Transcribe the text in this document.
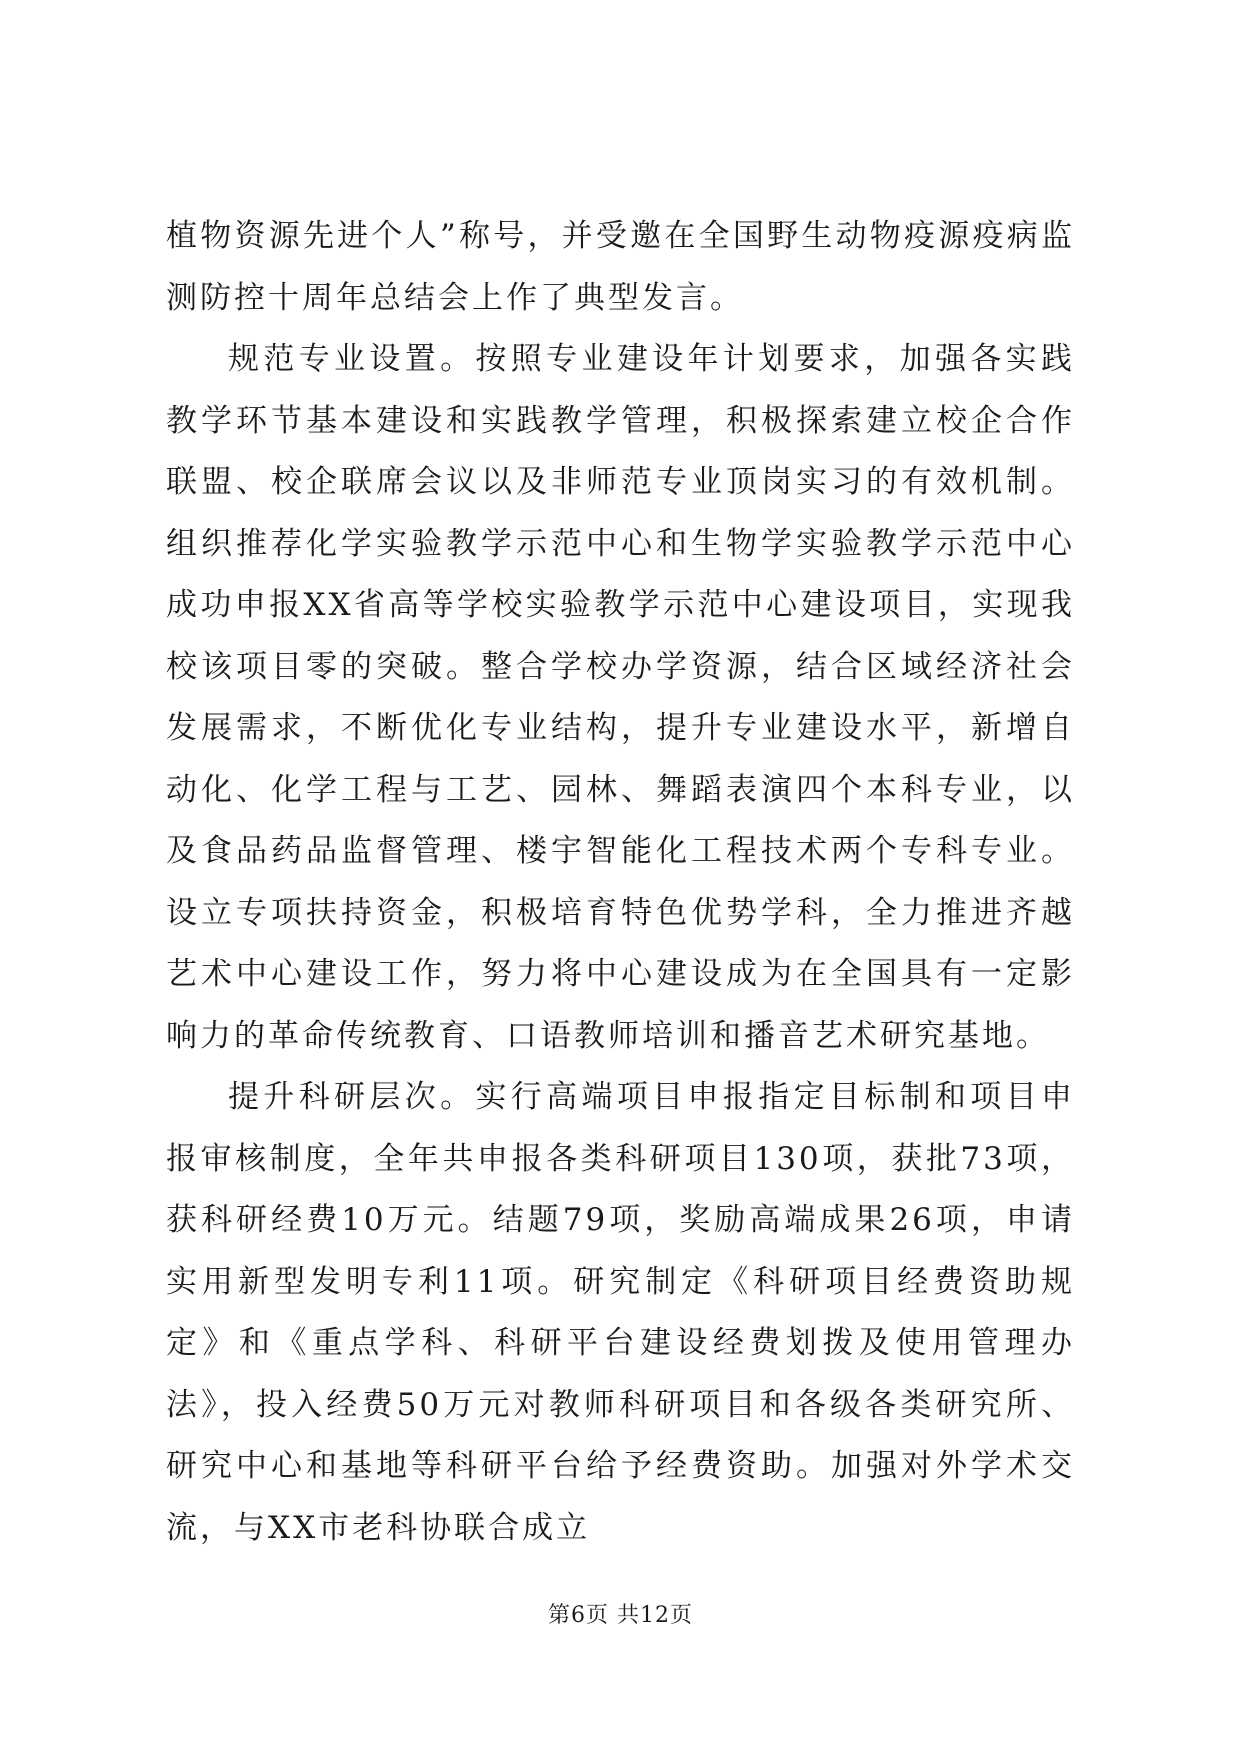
植物资源先进个人”称号，并受邀在全国野生动物疫源疫病监测防控十周年总结会上作了典型发言。

规范专业设置。按照专业建设年计划要求，加强各实践教学环节基本建设和实践教学管理，积极探索建立校企合作联盟、校企联席会议以及非师范专业顶岗实习的有效机制。组织推荐化学实验教学示范中心和生物学实验教学示范中心成功申报XX省高等学校实验教学示范中心建设项目，实现我校该项目零的突破。整合学校办学资源，结合区域经济社会发展需求，不断优化专业结构，提升专业建设水平，新增自动化、化学工程与工艺、园林、舞蹈表演四个本科专业，以及食品药品监督管理、楼宇智能化工程技术两个专科专业。设立专项扶持资金，积极培育特色优势学科，全力推进齐越艺术中心建设工作，努力将中心建设成为在全国具有一定影响力的革命传统教育、口语教师培训和播音艺术研究基地。

提升科研层次。实行高端项目申报指定目标制和项目申报审核制度，全年共申报各类科研项目130项，获批73项，获科研经费10万元。结题79项，奖励高端成果26项，申请实用新型发明专利11项。研究制定《科研项目经费资助规定》和《重点学科、科研平台建设经费划拨及使用管理办法》，投入经费50万元对教师科研项目和各级各类研究所、研究中心和基地等科研平台给予经费资助。加强对外学术交流，与XX市老科协联合成立

第6页 共12页
